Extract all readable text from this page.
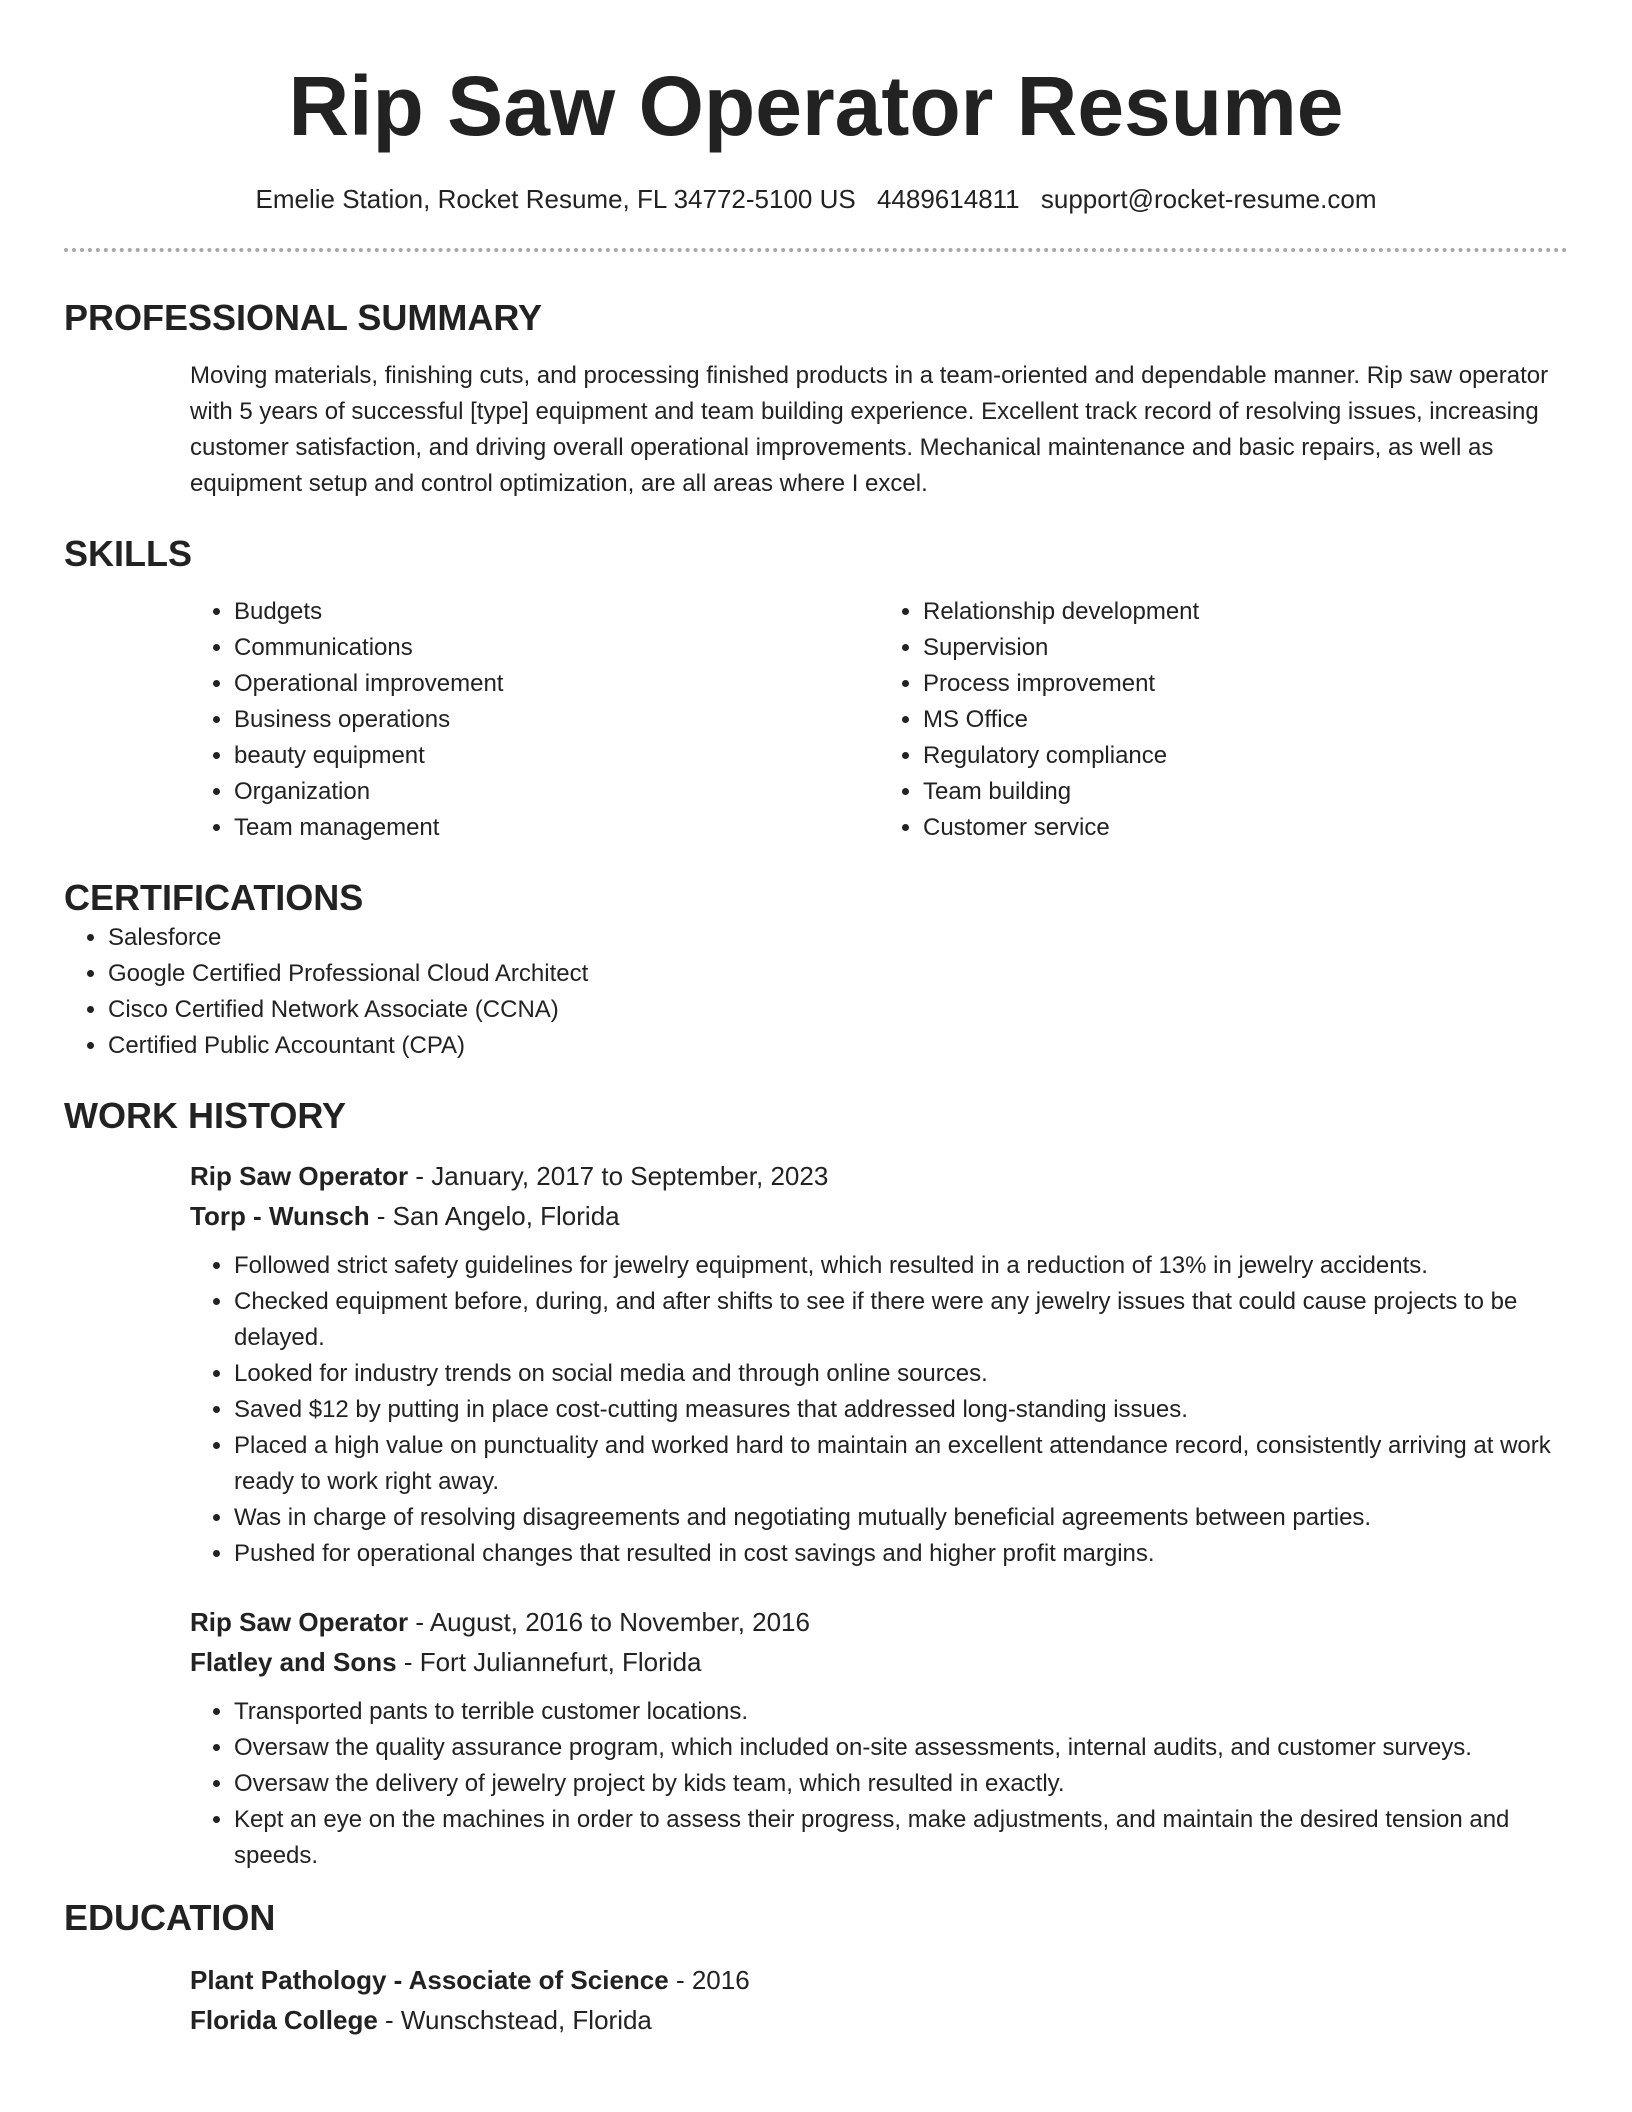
Rip Saw Operator Resume
Emelie Station, Rocket Resume, FL 34772-5100 US 4489614811 support@rocket-resume.com
PROFESSIONAL SUMMARY

Moving materials, finishing cuts, and processing finished products in a team-oriented and dependable manner. Rip saw operator with 5 years of successful [type] equipment and team building experience. Excellent track record of resolving issues, increasing customer satisfaction, and driving overall operational improvements. Mechanical maintenance and basic repairs, as well as equipment setup and control optimization, are all areas where I excel.

SKILLS
• Budgets
• Communications
• Operational improvement
• Business operations
• beauty equipment
• Organization
• Team management
• Relationship development
• Supervision
• Process improvement
• MS Office
• Regulatory compliance
• Team building
• Customer service
CERTIFICATIONS
• Salesforce
• Google Certified Professional Cloud Architect
• Cisco Certified Network Associate (CCNA)
• Certified Public Accountant (CPA)
WORK HISTORY
Rip Saw Operator - January, 2017 to September, 2023
Torp - Wunsch - San Angelo, Florida
• Followed strict safety guidelines for jewelry equipment, which resulted in a reduction of 13% in jewelry accidents.
• Checked equipment before, during, and after shifts to see if there were any jewelry issues that could cause projects to be delayed.
• Looked for industry trends on social media and through online sources.
• Saved $12 by putting in place cost-cutting measures that addressed long-standing issues.
• Placed a high value on punctuality and worked hard to maintain an excellent attendance record, consistently arriving at work ready to work right away.
• Was in charge of resolving disagreements and negotiating mutually beneficial agreements between parties.
• Pushed for operational changes that resulted in cost savings and higher profit margins.
Rip Saw Operator - August, 2016 to November, 2016
Flatley and Sons - Fort Juliannefurt, Florida
• Transported pants to terrible customer locations.
• Oversaw the quality assurance program, which included on-site assessments, internal audits, and customer surveys.
• Oversaw the delivery of jewelry project by kids team, which resulted in exactly.
• Kept an eye on the machines in order to assess their progress, make adjustments, and maintain the desired tension and speeds.
EDUCATION
Plant Pathology - Associate of Science - 2016
Florida College - Wunschstead, Florida
